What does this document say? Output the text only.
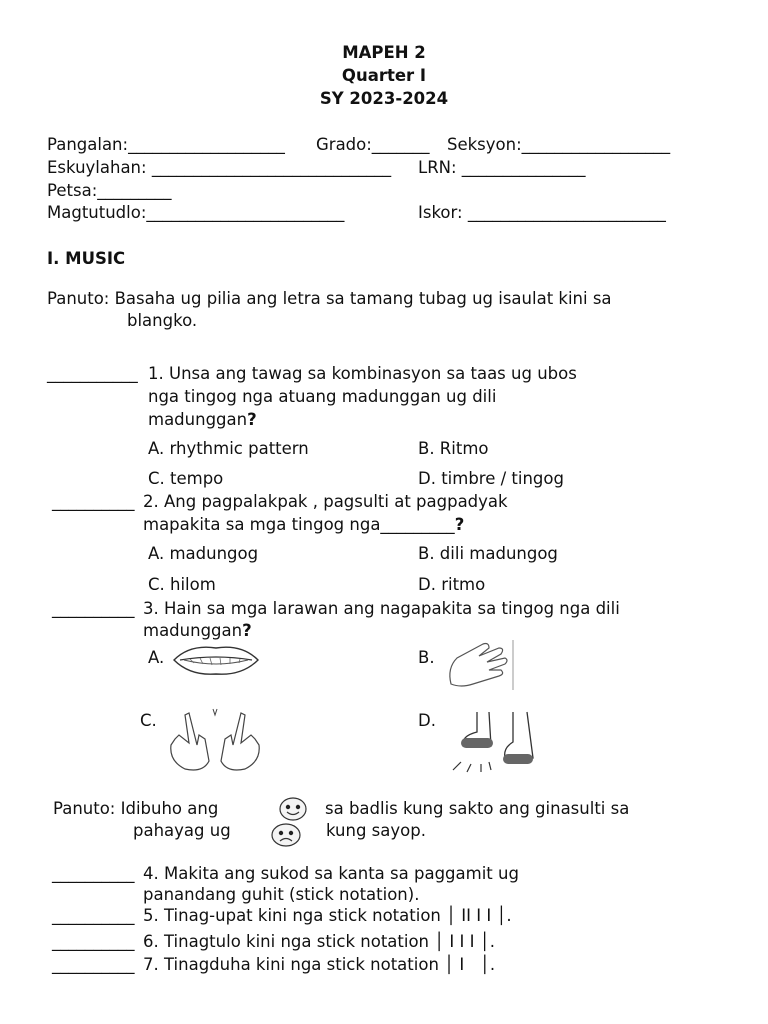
MAPEH 2
Quarter I
SY 2023-2024
Pangalan:___________________ Grado:_______ Seksyon:__________________
Eskuylahan: _____________________________ LRN: _______________
Petsa:_________
Magtutudlo:________________________	Iskor: ________________________
I. MUSIC
Panuto: Basaha ug pilia ang letra sa tamang tubag ug isaulat kini sa
blangko.
___________ 1. Unsa ang tawag sa kombinasyon sa taas ug ubos
nga tingog nga atuang madunggan ug dili
madunggan?
A. rhythmic pattern	B. Ritmo
C. tempo	D. timbre / tingog
__________ 2. Ang pagpalakpak , pagsulti at pagpadyak
mapakita sa mga tingog nga_________?
A. madungog	B. dili madungog
C. hilom	D. ritmo
__________ 3. Hain sa mga larawan ang nagapakita sa tingog nga dili
madunggan?
A.	B.
C.	D.
Panuto: Idibuho ang	sa badlis kung sakto ang ginasulti sa
pahayag ug	kung sayop.
__________ 4. Makita ang sukod sa kanta sa paggamit ug
panandang guhit (stick notation).
__________ 5. Tinag-upat kini nga stick notation │ II I I │.
__________ 6. Tinagtulo kini nga stick notation │ I I I │.
__________ 7. Tinagduha kini nga stick notation │ I   │.
